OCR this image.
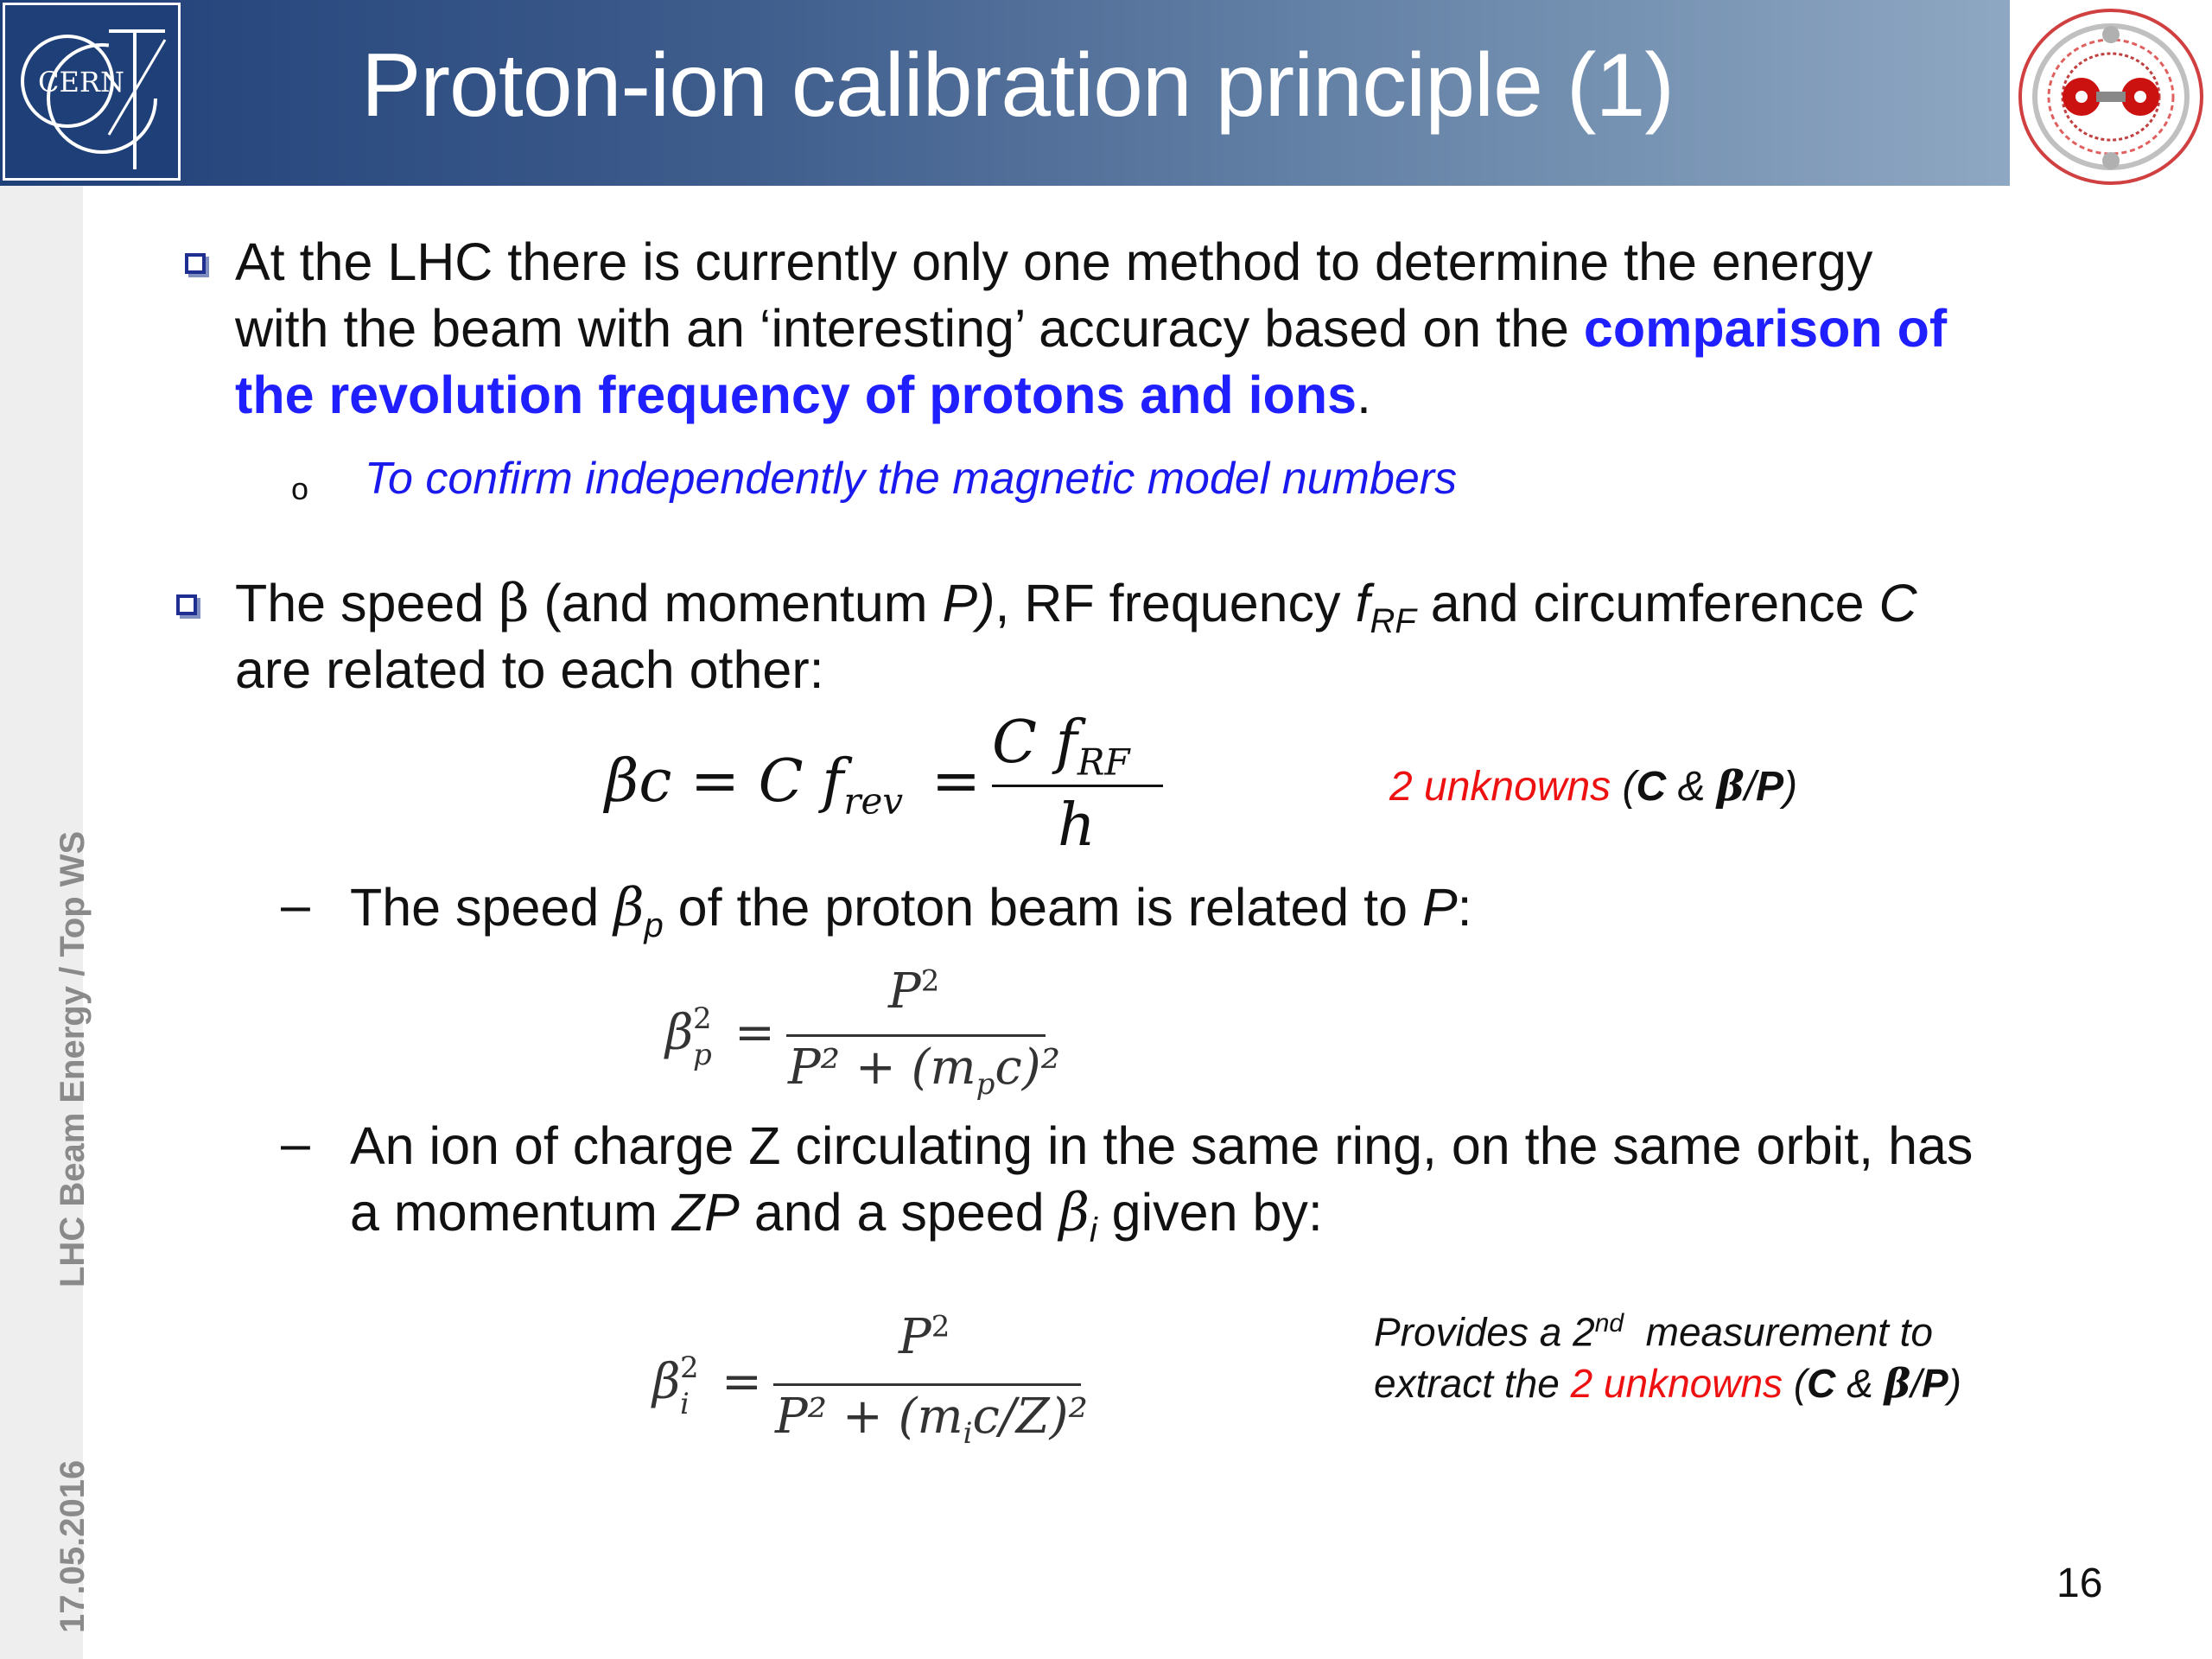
17.05.2016
LHC Beam Energy / Top WS
CERN	Proton-ion calibration principle (1)
At the LHC there is currently only one method to determine the energy
with the beam with an ‘interesting’ accuracy based on the comparison of
the revolution frequency of protons and ions.
o To confirm independently the magnetic model numbers
The speed β (and momentum P), RF frequency $f_{RF}$ and circumference C
are related to each other:
βc = C $f_{rev}$ =
C $f_{RF}$
h
2 unknowns (C & β/P)
– The speed $\beta_p$ of the proton beam is related to P:
β 2
p =
$P^2$
$P^2 + (m_pc)^2$
– An ion of charge Z circulating in the same ring, on the same orbit, has
a momentum ZP and a speed $\beta_i$ given by:
β 2
i =
$P^2$
$P^2 + (m_ic/Z)^2$
Provides a 2nd  measurement to
extract the 2 unknowns (C & β/P)
16
